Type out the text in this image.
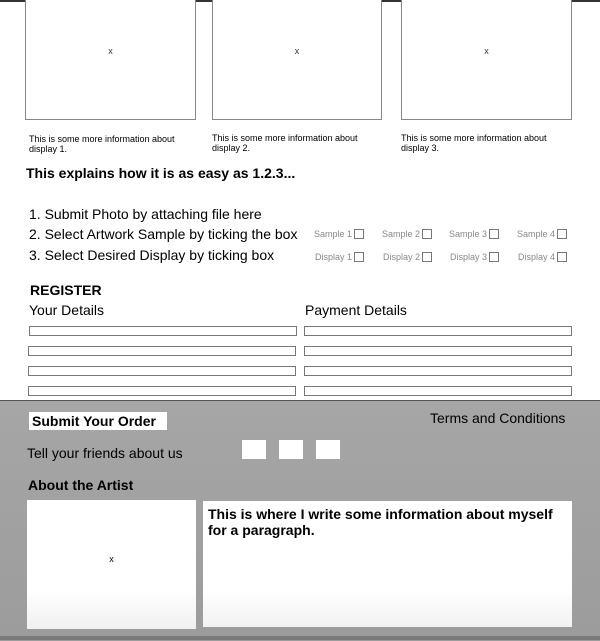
x	x	x
This is some more information about display 1.
This is some more information about display 2.
This is some more information about display 3.
This explains how it is as easy as 1.2.3...
1. Submit Photo by attaching file here
2. Select Artwork Sample by ticking the box
3. Select Desired Display by ticking box
Sample 1	Sample 2	Sample 3	Sample 4
Display 1	Display 2	Display 3	Display 4
REGISTER
Your Details	Payment Details
Submit Your Order	Terms and Conditions
Tell your friends about us
About the Artist
x
This is where I write some information about myself for a paragraph.
